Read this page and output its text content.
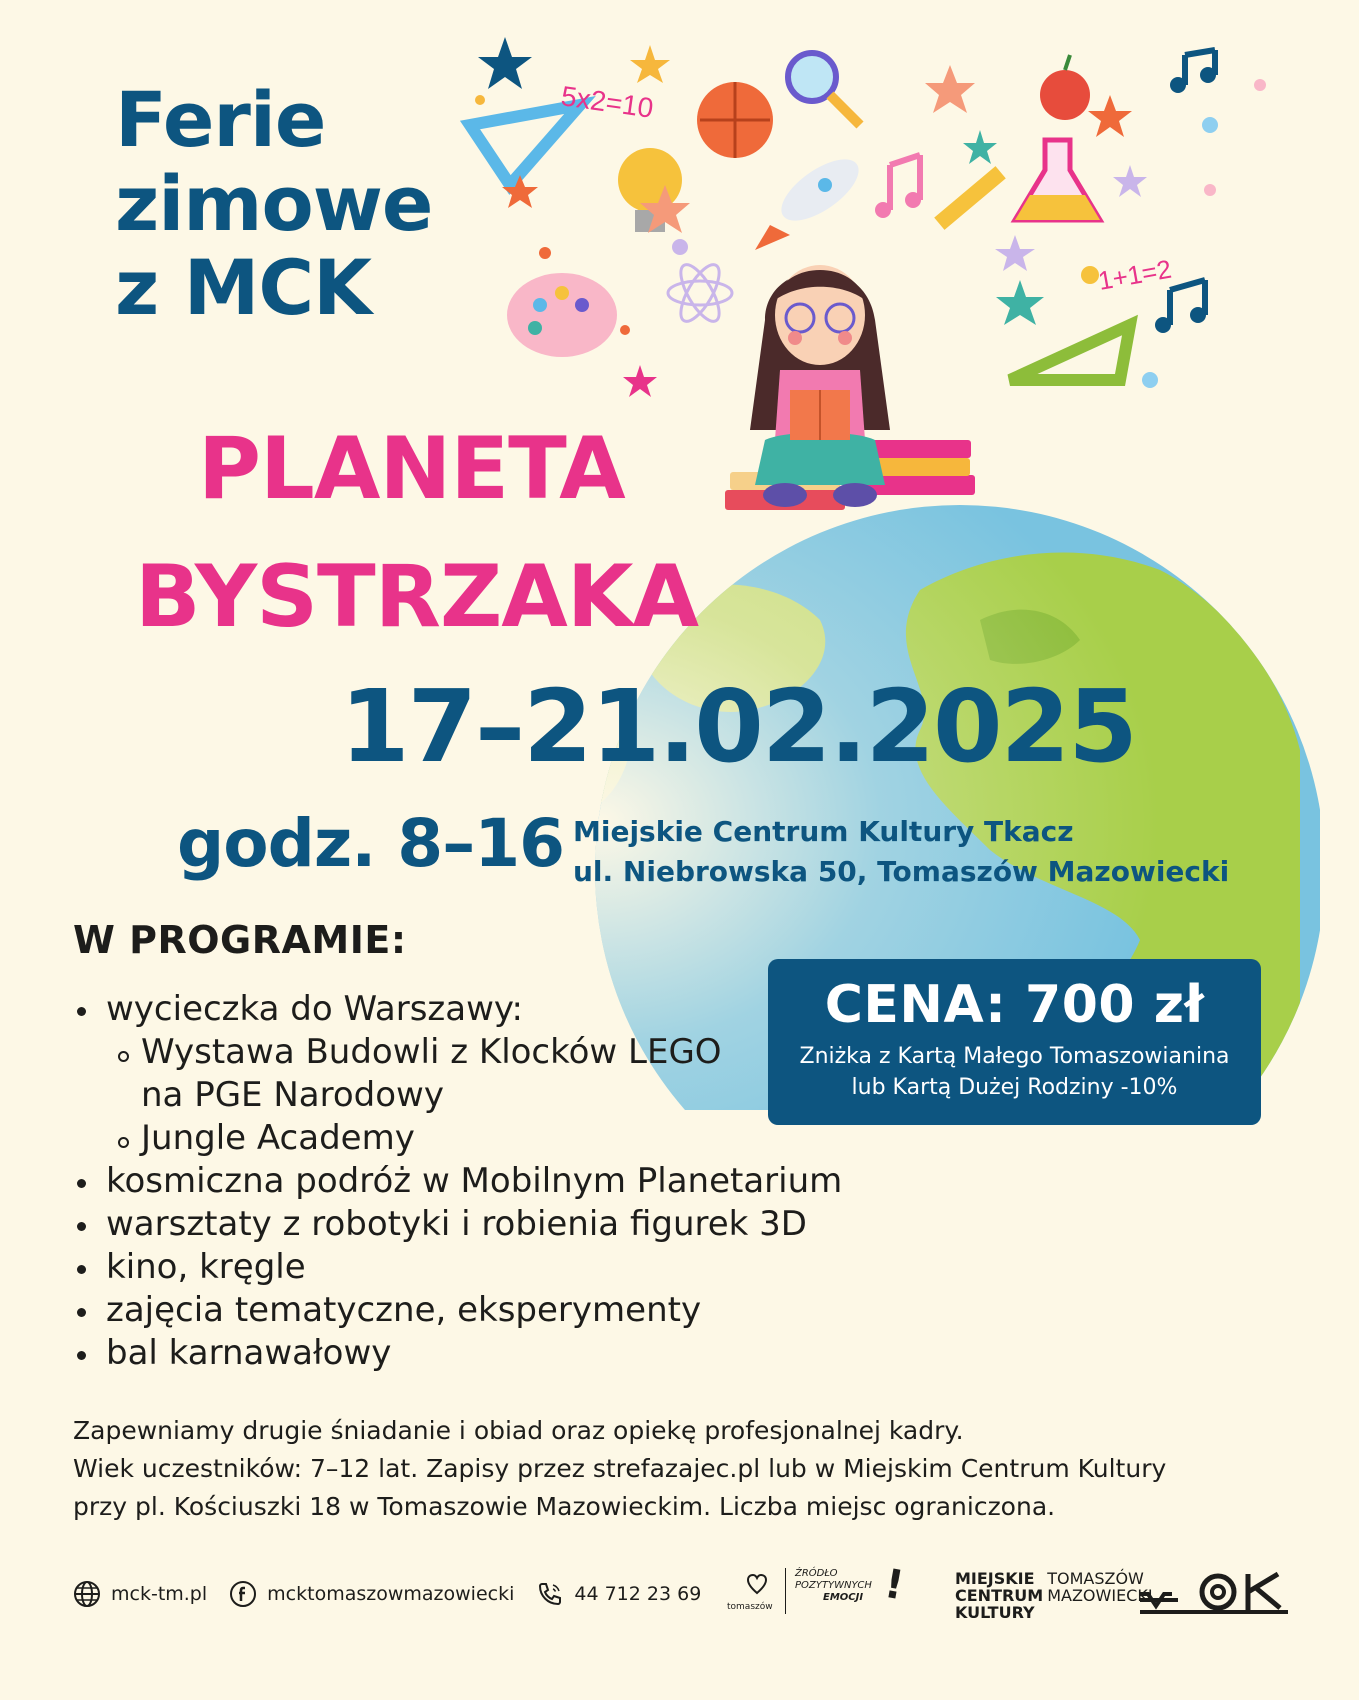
5x2=10
1+1=2
Ferie
zimowe
z MCK
PLANETA
BYSTRZAKA
17–21.02.2025
godz. 8–16 Miejskie Centrum Kultury Tkacz
ul. Niebrowska 50, Tomaszów Mazowiecki
W PROGRAMIE:
wycieczka do Warszawy:
Wystawa Budowli z Klocków LEGO
na PGE Narodowy
Jungle Academy
kosmiczna podróż w Mobilnym Planetarium
warsztaty z robotyki i robienia figurek 3D
kino, kręgle
zajęcia tematyczne, eksperymenty
bal karnawałowy
CENA: 700 zł
Zniżka z Kartą Małego Tomaszowianina
lub Kartą Dużej Rodziny -10%
Zapewniamy drugie śniadanie i obiad oraz opiekę profesjonalnej kadry.
Wiek uczestników: 7–12 lat. Zapisy przez strefazajec.pl lub w Miejskim Centrum Kultury
przy pl. Kościuszki 18 w Tomaszowie Mazowieckim. Liczba miejsc ograniczona.
mck-tm.pl	mcktomaszowmazowiecki	44 712 23 69
tomaszów
ŹRÓDŁO
POZYTYWNYCH
EMOCJI !	MIEJSKIE
CENTRUM
KULTURY
TOMASZÓW
MAZOWIECKI
